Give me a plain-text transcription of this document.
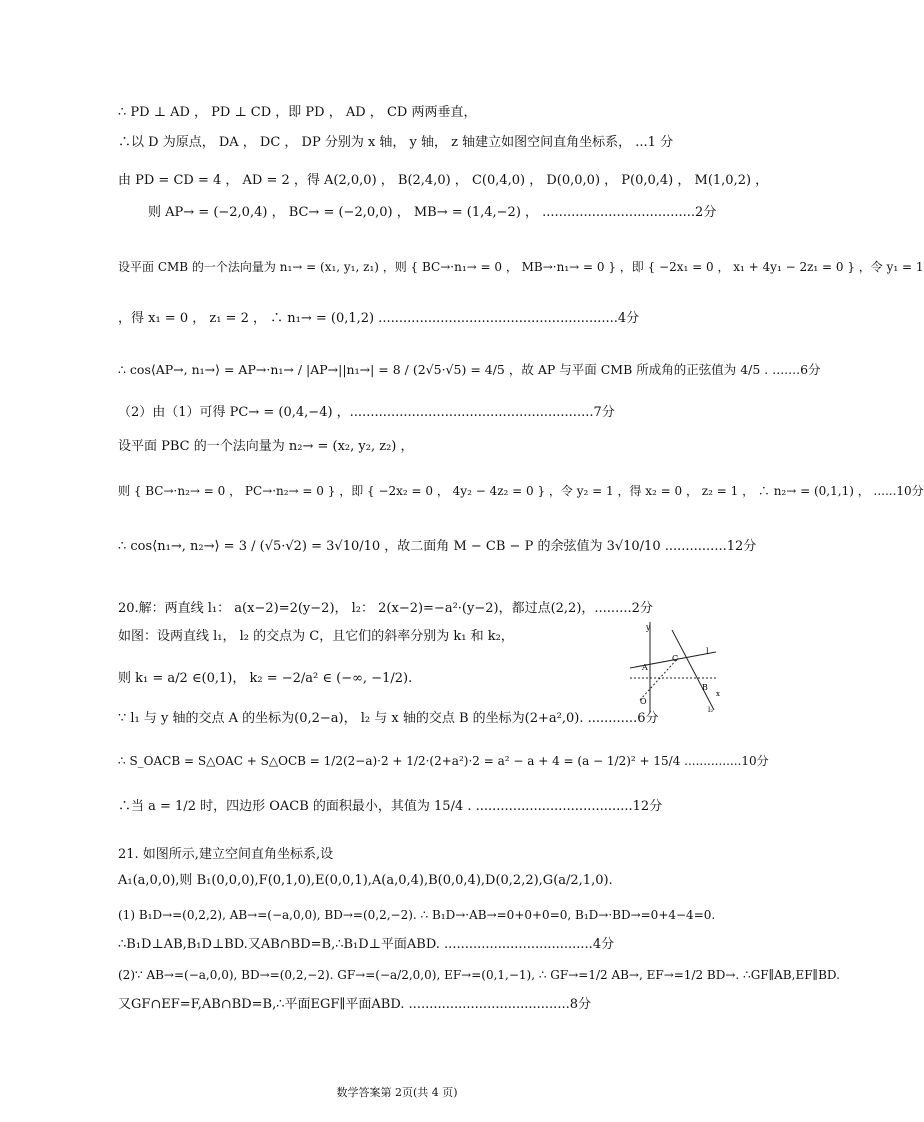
∴ PD ⊥ AD ， PD ⊥ CD ，即 PD ， AD ， CD 两两垂直，
∴以 D 为原点， DA ， DC ， DP 分别为 x 轴， y 轴， z 轴建立如图空间直角坐标系， ...1 分
由 PD = CD = 4 ， AD = 2 ，得 A(2,0,0) ， B(2,4,0) ， C(0,4,0) ， D(0,0,0) ， P(0,0,4) ， M(1,0,2) ，
则 AP→ = (−2,0,4) ， BC→ = (−2,0,0) ， MB→ = (1,4,−2) ， .....................................2分
设平面 CMB 的一个法向量为 n₁→ = (x₁, y₁, z₁) ，则 { BC→·n₁→ = 0 ， MB→·n₁→ = 0 } ，即 { −2x₁ = 0 ， x₁ + 4y₁ − 2z₁ = 0 } ，令 y₁ = 1
，得 x₁ = 0 ， z₁ = 2 ， ∴ n₁→ = (0,1,2) ..........................................................4分
∴ cos⟨AP→, n₁→⟩ = AP→·n₁→ / |AP→||n₁→| = 8 / (2√5·√5) = 4/5 ，故 AP 与平面 CMB 所成角的正弦值为 4/5 . .......6分
（2）由（1）可得 PC→ = (0,4,−4) ，...........................................................7分
设平面 PBC 的一个法向量为 n₂→ = (x₂, y₂, z₂) ，
则 { BC→·n₂→ = 0 ， PC→·n₂→ = 0 } ，即 { −2x₂ = 0 ， 4y₂ − 4z₂ = 0 } ，令 y₂ = 1 ，得 x₂ = 0 ， z₂ = 1 ， ∴ n₂→ = (0,1,1) ， ......10分
∴ cos⟨n₁→, n₂→⟩ = 3 / (√5·√2) = 3√10/10 ，故二面角 M − CB − P 的余弦值为 3√10/10 ...............12分
20.解：两直线 l₁： a(x−2)=2(y−2)， l₂： 2(x−2)=−a²·(y−2)，都过点(2,2)，.........2分
如图：设两直线 l₁， l₂ 的交点为 C，且它们的斜率分别为 k₁ 和 k₂，
则 k₁ = a/2 ∈(0,1)， k₂ = −2/a² ∈ (−∞, −1/2).
∵ l₁ 与 y 轴的交点 A 的坐标为(0,2−a)， l₂ 与 x 轴的交点 B 的坐标为(2+a²,0). ............6分
∴ S_OACB = S△OAC + S△OCB = 1/2(2−a)·2 + 1/2·(2+a²)·2 = a² − a + 4 = (a − 1/2)² + 15/4 ...............10分
∴当 a = 1/2 时，四边形 OACB 的面积最小，其值为 15/4 . ......................................12分
21. 如图所示,建立空间直角坐标系,设
A₁(a,0,0),则 B₁(0,0,0),F(0,1,0),E(0,0,1),A(a,0,4),B(0,0,4),D(0,2,2),G(a/2,1,0).
(1) B₁D→=(0,2,2), AB→=(−a,0,0), BD→=(0,2,−2). ∴ B₁D→·AB→=0+0+0=0, B₁D→·BD→=0+4−4=0.
∴B₁D⊥AB,B₁D⊥BD.又AB∩BD=B,∴B₁D⊥平面ABD. ....................................4分
(2)∵ AB→=(−a,0,0), BD→=(0,2,−2). GF→=(−a/2,0,0), EF→=(0,1,−1), ∴ GF→=1/2 AB→, EF→=1/2 BD→. ∴GF∥AB,EF∥BD.
又GF∩EF=F,AB∩BD=B,∴平面EGF∥平面ABD. .......................................8分
y
A
C
l
B
x
O
l₂
数学答案第 2页(共 4 页)
